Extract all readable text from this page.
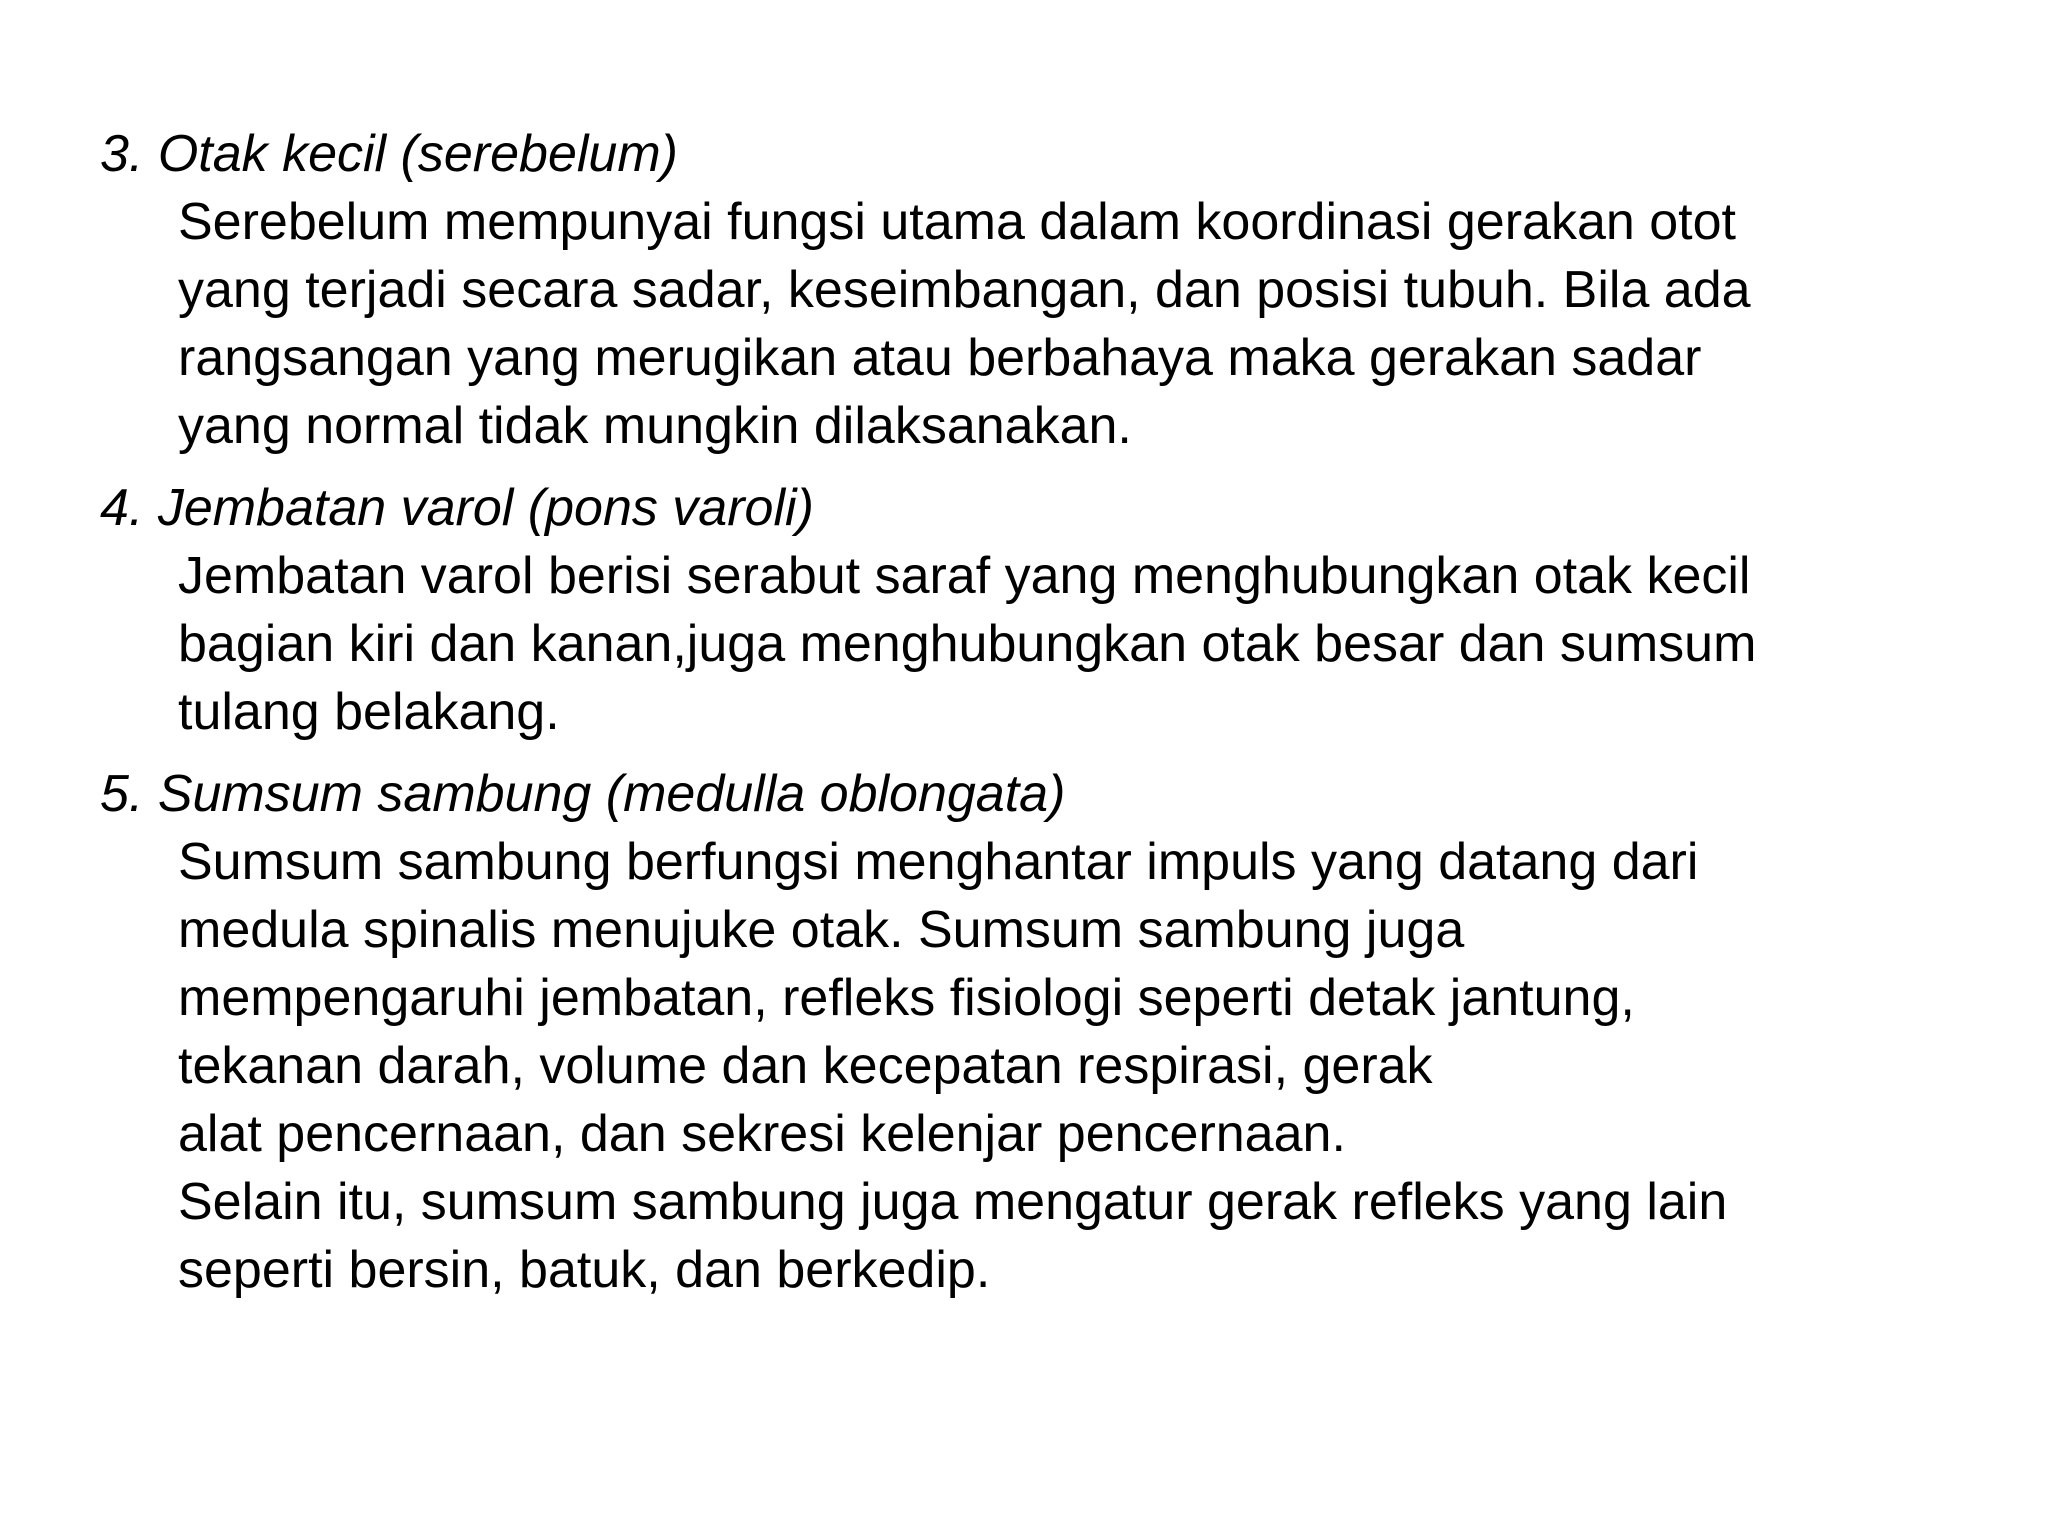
3. Otak kecil (serebelum)
Serebelum mempunyai fungsi utama dalam koordinasi gerakan otot
yang terjadi secara sadar, keseimbangan, dan posisi tubuh. Bila ada
rangsangan yang merugikan atau berbahaya maka gerakan sadar
yang normal tidak mungkin dilaksanakan.
4. Jembatan varol (pons varoli)
Jembatan varol berisi serabut saraf yang menghubungkan otak kecil
bagian kiri dan kanan,juga menghubungkan otak besar dan sumsum
tulang belakang.
5. Sumsum sambung (medulla oblongata)
Sumsum sambung berfungsi menghantar impuls yang datang dari
medula spinalis menujuke otak. Sumsum sambung juga
mempengaruhi jembatan, refleks fisiologi seperti detak jantung,
tekanan darah, volume dan kecepatan respirasi, gerak
alat pencernaan, dan sekresi kelenjar pencernaan.
Selain itu, sumsum sambung juga mengatur gerak refleks yang lain
seperti bersin, batuk, dan berkedip.
